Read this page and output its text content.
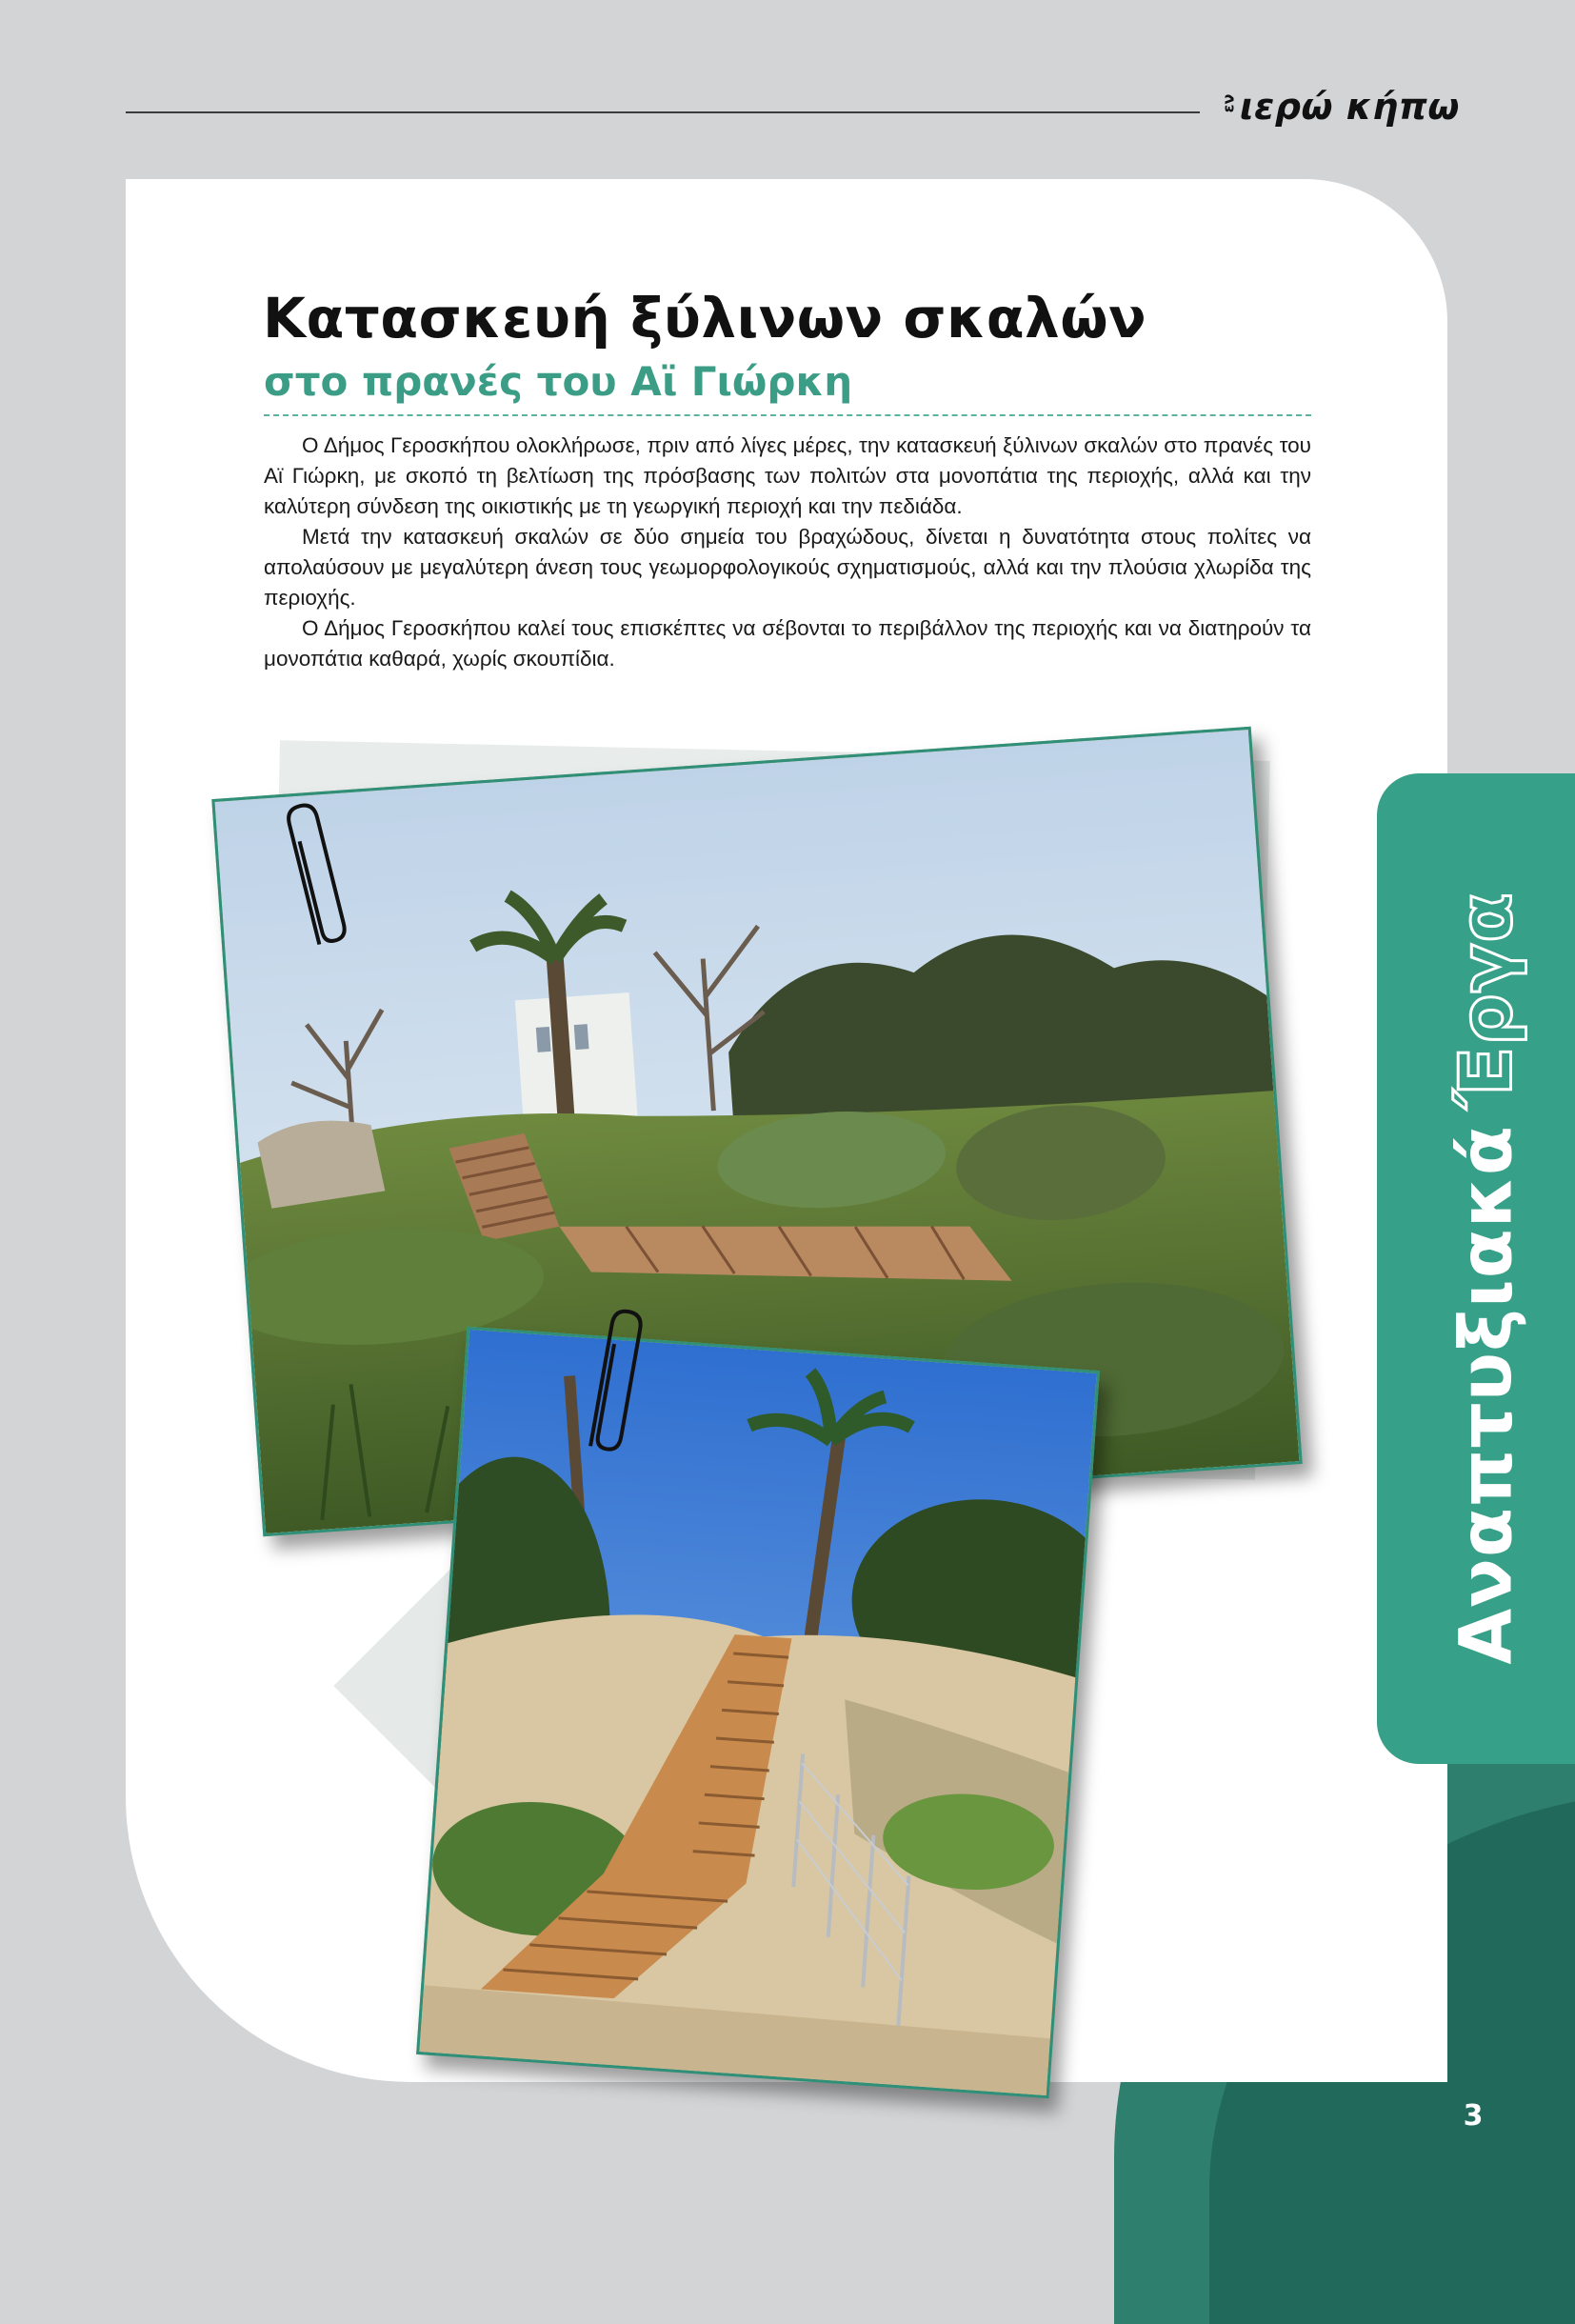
ενιερώ κήπω
ΑναπτυξιακάΈργα
Κατασκευή ξύλινων σκαλών
στο πρανές του Αϊ Γιώρκη

Ο Δήμος Γεροσκήπου ολοκλήρωσε, πριν από λίγες μέρες, την κατασκευή ξύλινων σκαλών στο πρανές του Αϊ Γιώρκη, με σκοπό τη βελτίωση της πρόσβασης των πολιτών στα μονοπάτια της περιοχής, αλλά και την καλύτερη σύνδεση της οικιστικής με τη γεωργική περιοχή και την πεδιάδα.

Μετά την κατασκευή σκαλών σε δύο σημεία του βραχώδους, δίνεται η δυνατότητα στους πολίτες να απολαύσουν με μεγαλύτερη άνεση τους γεωμορφολογικούς σχηματισμούς, αλλά και την πλούσια χλωρίδα της περιοχής.

Ο Δήμος Γεροσκήπου καλεί τους επισκέπτες να σέβονται το περιβάλλον της περιοχής και να διατηρούν τα μονοπάτια καθαρά, χωρίς σκουπίδια.

3
